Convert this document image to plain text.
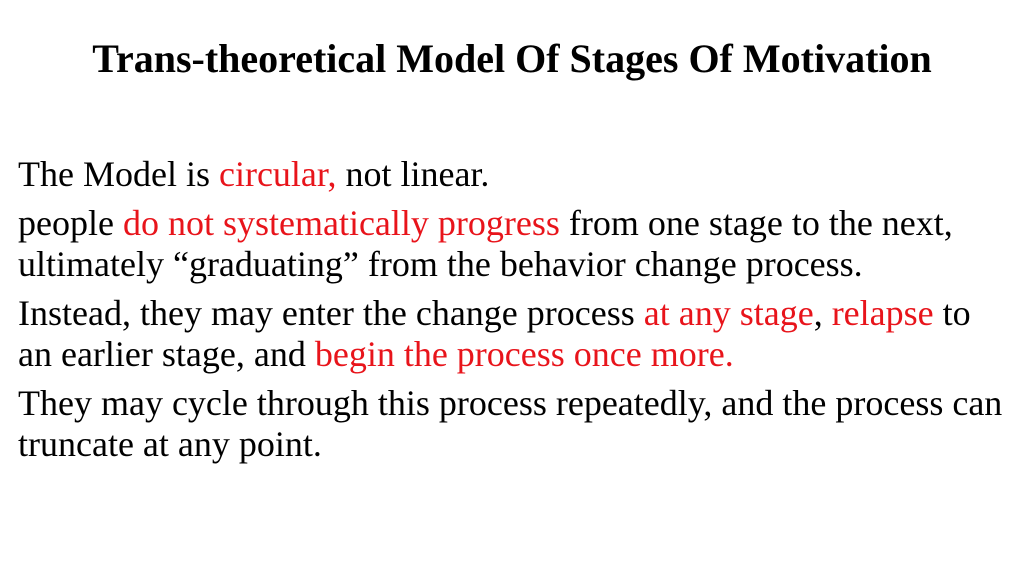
Trans-theoretical Model Of Stages Of Motivation

The Model is circular, not linear.

people do not systematically progress from one stage to the next, ultimately “graduating” from the behavior change process.

Instead, they may enter the change process at any stage, relapse to an earlier stage, and begin the process once more.

They may cycle through this process repeatedly, and the process can truncate at any point.
